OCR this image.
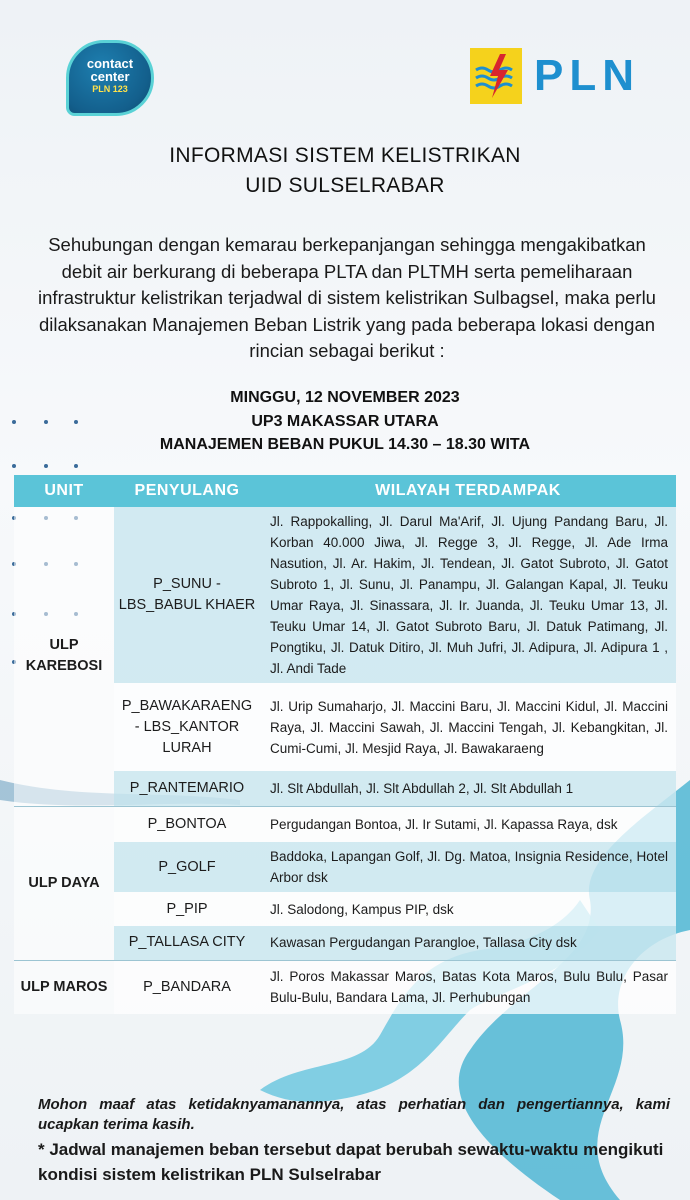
contact
center
PLN 123	PLN
INFORMASI SISTEM KELISTRIKAN
UID SULSELRABAR
Sehubungan dengan kemarau berkepanjangan sehingga mengakibatkan debit air berkurang di beberapa PLTA dan PLTMH serta pemeliharaan infrastruktur kelistrikan terjadwal di sistem kelistrikan Sulbagsel, maka perlu dilaksanakan Manajemen Beban Listrik yang pada beberapa lokasi dengan rincian sebagai berikut :
MINGGU, 12 NOVEMBER 2023
UP3 MAKASSAR UTARA
MANAJEMEN BEBAN PUKUL 14.30 – 18.30 WITA
UNIT	PENYULANG	WILAYAH TERDAMPAK
ULP KAREBOSI	P_SUNU - LBS_BABUL KHAER	Jl. Rappokalling, Jl. Darul Ma'Arif, Jl. Ujung Pandang Baru, Jl. Korban 40.000 Jiwa, Jl. Regge 3, Jl. Regge, Jl. Ade Irma Nasution, Jl. Ar. Hakim, Jl. Tendean, Jl. Gatot Subroto, Jl. Gatot Subroto 1, Jl. Sunu, Jl. Panampu, Jl. Galangan Kapal, Jl. Teuku Umar Raya, Jl. Sinassara, Jl. Ir. Juanda, Jl. Teuku Umar 13, Jl. Teuku Umar 14, Jl. Gatot Subroto Baru, Jl. Datuk Patimang, Jl. Pongtiku, Jl. Datuk Ditiro, Jl. Muh Jufri, Jl. Adipura, Jl. Adipura 1 , Jl. Andi Tade
	P_BAWAKARAENG - LBS_KANTOR LURAH	Jl. Urip Sumaharjo, Jl. Maccini Baru, Jl. Maccini Kidul, Jl. Maccini Raya, Jl. Maccini Sawah, Jl. Maccini Tengah, Jl. Kebangkitan, Jl. Cumi-Cumi, Jl. Mesjid Raya, Jl. Bawakaraeng
	P_RANTEMARIO	Jl. Slt Abdullah, Jl. Slt Abdullah 2, Jl. Slt Abdullah 1
ULP DAYA	P_BONTOA	Pergudangan Bontoa, Jl. Ir Sutami, Jl. Kapassa Raya, dsk
	P_GOLF	Baddoka, Lapangan Golf, Jl. Dg. Matoa, Insignia Residence, Hotel Arbor dsk
	P_PIP	Jl. Salodong, Kampus PIP, dsk
	P_TALLASA CITY	Kawasan Pergudangan Parangloe, Tallasa City dsk
ULP MAROS	P_BANDARA	Jl. Poros Makassar Maros, Batas Kota Maros, Bulu Bulu, Pasar Bulu-Bulu, Bandara Lama, Jl. Perhubungan
Mohon maaf atas ketidaknyamanannya, atas perhatian dan pengertiannya, kami ucapkan terima kasih.
* Jadwal manajemen beban tersebut dapat berubah sewaktu-waktu mengikuti kondisi sistem kelistrikan PLN Sulselrabar
